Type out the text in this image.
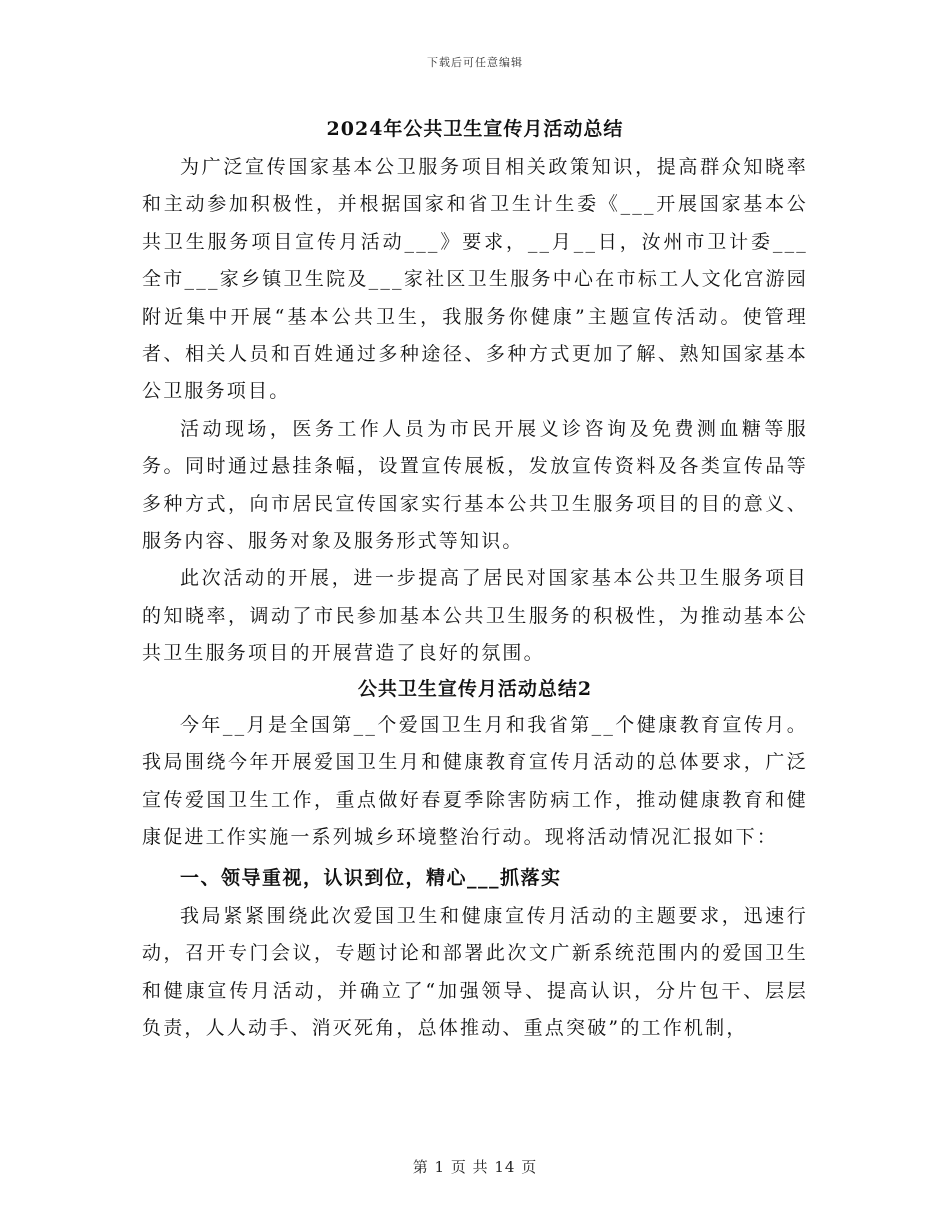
下载后可任意编辑
2024年公共卫生宣传月活动总结

为广泛宣传国家基本公卫服务项目相关政策知识，提高群众知晓率和主动参加积极性，并根据国家和省卫生计生委《___开展国家基本公共卫生服务项目宣传月活动___》要求，__月__日，汝州市卫计委___全市___家乡镇卫生院及___家社区卫生服务中心在市标工人文化宫游园附近集中开展“基本公共卫生，我服务你健康”主题宣传活动。使管理者、相关人员和百姓通过多种途径、多种方式更加了解、熟知国家基本公卫服务项目。

活动现场，医务工作人员为市民开展义诊咨询及免费测血糖等服务。同时通过悬挂条幅，设置宣传展板，发放宣传资料及各类宣传品等多种方式，向市居民宣传国家实行基本公共卫生服务项目的目的意义、服务内容、服务对象及服务形式等知识。

此次活动的开展，进一步提高了居民对国家基本公共卫生服务项目的知晓率，调动了市民参加基本公共卫生服务的积极性，为推动基本公共卫生服务项目的开展营造了良好的氛围。

公共卫生宣传月活动总结2

今年__月是全国第__个爱国卫生月和我省第__个健康教育宣传月。我局围绕今年开展爱国卫生月和健康教育宣传月活动的总体要求，广泛宣传爱国卫生工作，重点做好春夏季除害防病工作，推动健康教育和健康促进工作实施一系列城乡环境整治行动。现将活动情况汇报如下：

一、领导重视，认识到位，精心___抓落实

我局紧紧围绕此次爱国卫生和健康宣传月活动的主题要求，迅速行动，召开专门会议，专题讨论和部署此次文广新系统范围内的爱国卫生和健康宣传月活动，并确立了“加强领导、提高认识，分片包干、层层负责，人人动手、消灭死角，总体推动、重点突破”的工作机制，

第 1 页 共 14 页
